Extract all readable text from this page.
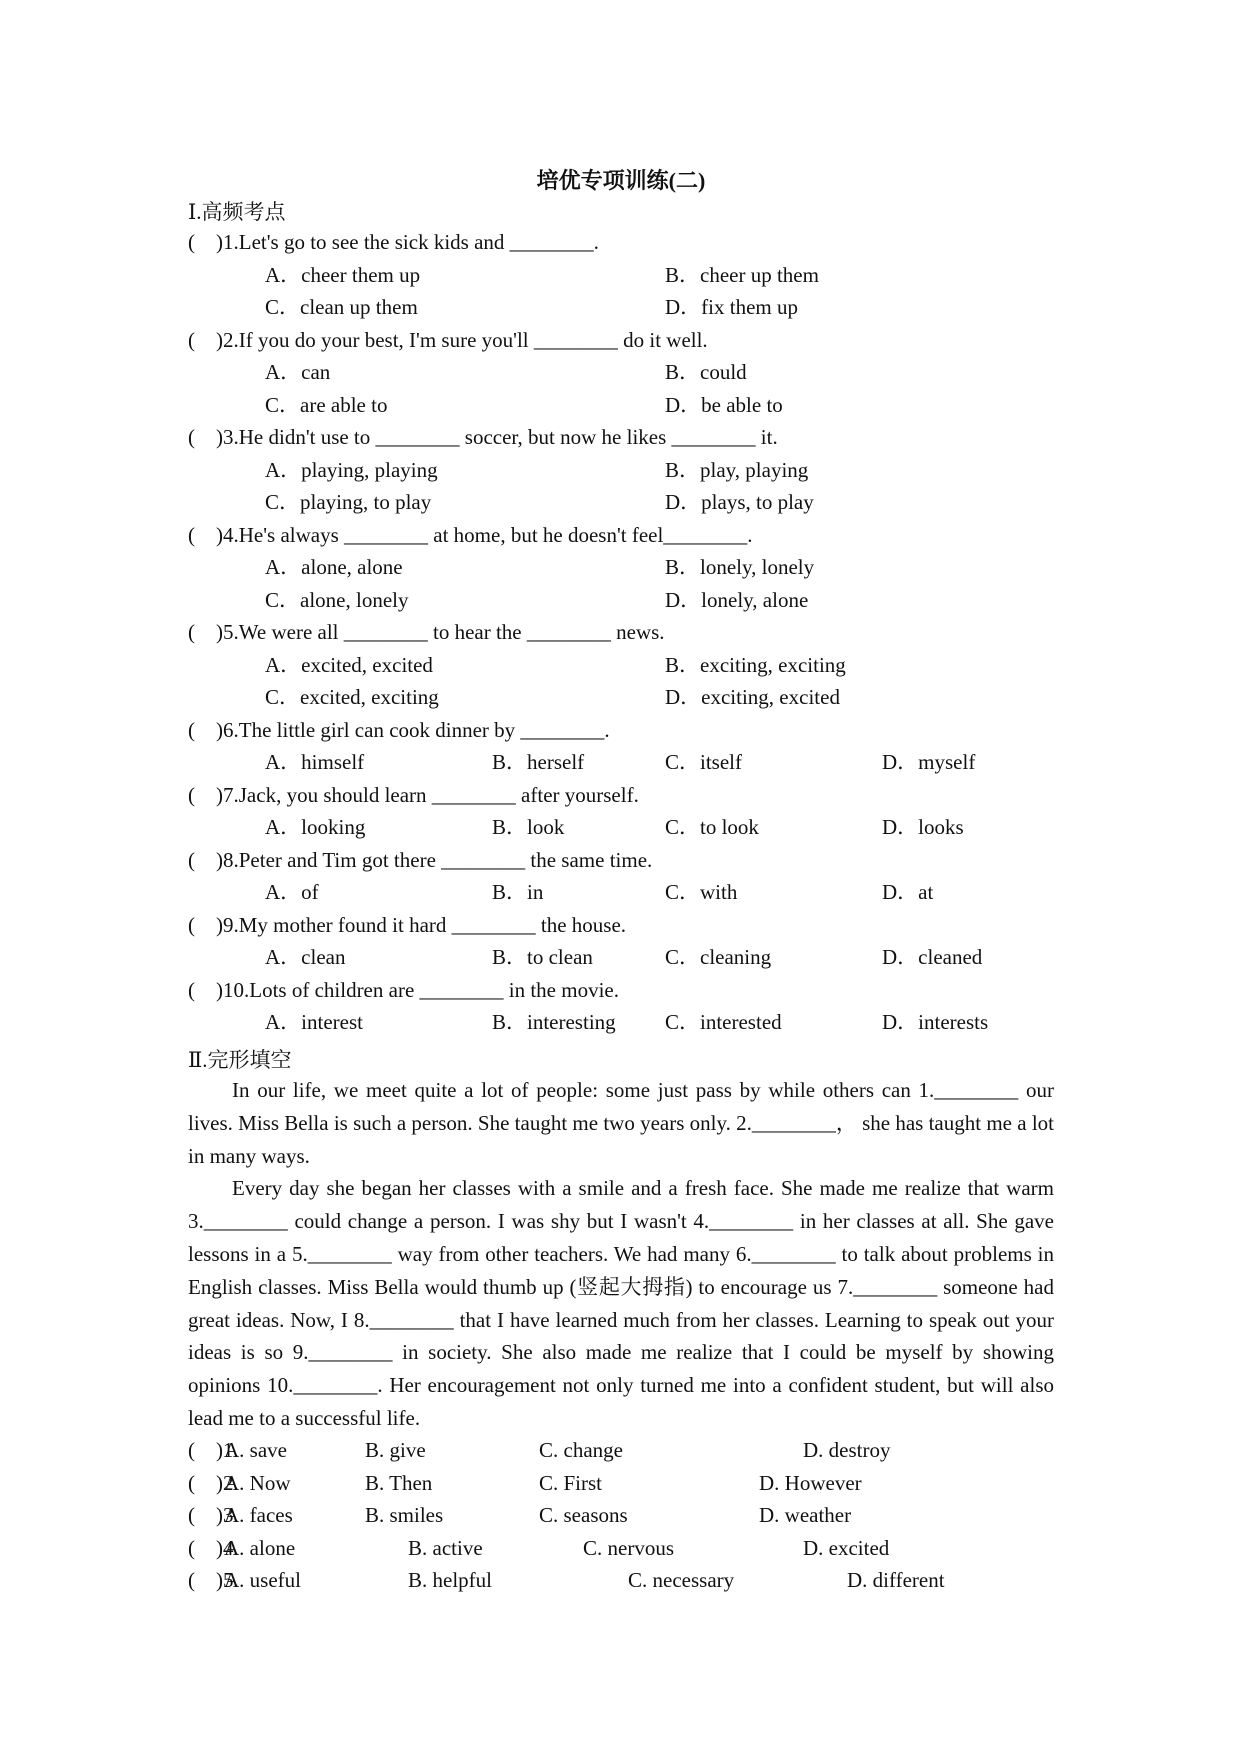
培优专项训练(二)
Ⅰ.高频考点
(　)1.Let's go to see the sick kids and ________.
A．cheer them up	B．cheer up them
C．clean up them	D．fix them up
(　)2.If you do your best, I'm sure you'll ________ do it well.
A．can	B．could
C．are able to	D．be able to
(　)3.He didn't use to ________ soccer, but now he likes ________ it.
A．playing, playing	B．play, playing
C．playing, to play	D．plays, to play
(　)4.He's always ________ at home, but he doesn't feel________.
A．alone, alone	B．lonely, lonely
C．alone, lonely	D．lonely, alone
(　)5.We were all ________ to hear the ________ news.
A．excited, excited	B．exciting, exciting
C．excited, exciting	D．exciting, excited
(　)6.The little girl can cook dinner by ________.
A．himself	B．herself	C．itself	D．myself
(　)7.Jack, you should learn ________ after yourself.
A．looking	B．look	C．to look	D．looks
(　)8.Peter and Tim got there ________ the same time.
A．of	B．in	C．with	D．at
(　)9.My mother found it hard ________ the house.
A．clean	B．to clean	C．cleaning	D．cleaned
(　)10.Lots of children are ________ in the movie.
A．interest	B．interesting C．interested	D．interests
Ⅱ.完形填空

In our life, we meet quite a lot of people: some just pass by while others can 1.________ our lives. Miss Bella is such a person. She taught me two years only. 2.________， she has taught me a lot in many ways.

Every day she began her classes with a smile and a fresh face. She made me realize that warm 3.________ could change a person. I was shy but I wasn't 4.________ in her classes at all. She gave lessons in a 5.________ way from other teachers. We had many 6.________ to talk about problems in English classes. Miss Bella would thumb up (竖起大拇指) to encourage us 7.________ someone had great ideas. Now, I 8.________ that I have learned much from her classes. Learning to speak out your ideas is so 9.________ in society. She also made me realize that I could be myself by showing opinions 10.________. Her encouragement not only turned me into a confident student, but will also lead me to a successful life.

(　)1.
A. save	B. give	C. change	D. destroy
(　)2.
A. Now	B. Then	C. First	D. However
(　)3.
A. faces	B. smiles	C. seasons	D. weather
(　)4.
A. alone	B. active	C. nervous	D. excited
(　)5.
A. useful	B. helpful	C. necessary	D. different
